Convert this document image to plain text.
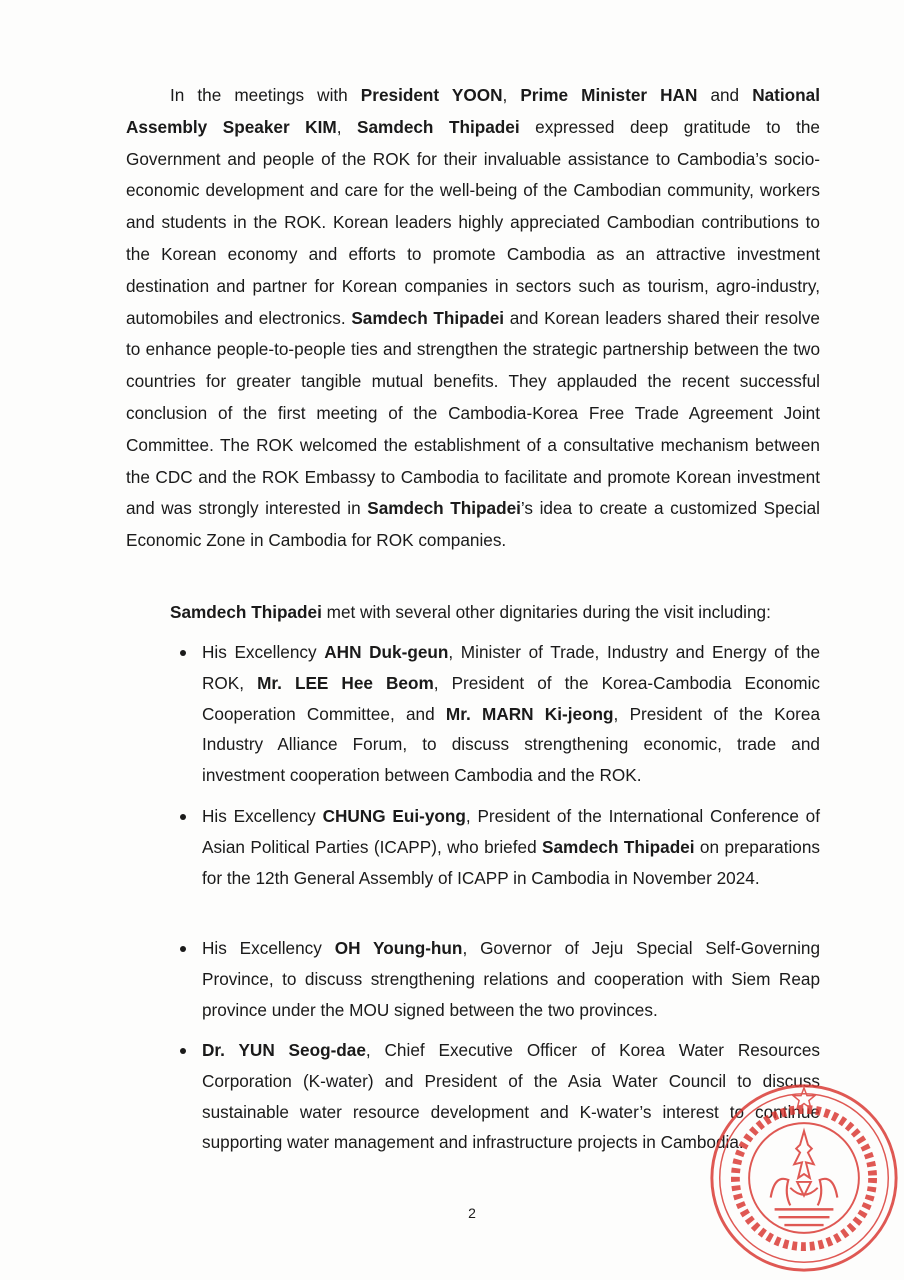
In the meetings with President YOON, Prime Minister HAN and National Assembly Speaker KIM, Samdech Thipadei expressed deep gratitude to the Government and people of the ROK for their invaluable assistance to Cambodia’s socio-economic development and care for the well-being of the Cambodian community, workers and students in the ROK. Korean leaders highly appreciated Cambodian contributions to the Korean economy and efforts to promote Cambodia as an attractive investment destination and partner for Korean companies in sectors such as tourism, agro-industry, automobiles and electronics. Samdech Thipadei and Korean leaders shared their resolve to enhance people-to-people ties and strengthen the strategic partnership between the two countries for greater tangible mutual benefits. They applauded the recent successful conclusion of the first meeting of the Cambodia-Korea Free Trade Agreement Joint Committee. The ROK welcomed the establishment of a consultative mechanism between the CDC and the ROK Embassy to Cambodia to facilitate and promote Korean investment and was strongly interested in Samdech Thipadei’s idea to create a customized Special Economic Zone in Cambodia for ROK companies.

Samdech Thipadei met with several other dignitaries during the visit including:

His Excellency AHN Duk-geun, Minister of Trade, Industry and Energy of the ROK, Mr. LEE Hee Beom, President of the Korea-Cambodia Economic Cooperation Committee, and Mr. MARN Ki-jeong, President of the Korea Industry Alliance Forum, to discuss strengthening economic, trade and investment cooperation between Cambodia and the ROK.
His Excellency CHUNG Eui-yong, President of the International Conference of Asian Political Parties (ICAPP), who briefed Samdech Thipadei on preparations for the 12th General Assembly of ICAPP in Cambodia in November 2024.
His Excellency OH Young-hun, Governor of Jeju Special Self-Governing Province, to discuss strengthening relations and cooperation with Siem Reap province under the MOU signed between the two provinces.
Dr. YUN Seog-dae, Chief Executive Officer of Korea Water Resources Corporation (K-water) and President of the Asia Water Council to discuss sustainable water resource development and K-water’s interest to continue supporting water management and infrastructure projects in Cambodia.
2
